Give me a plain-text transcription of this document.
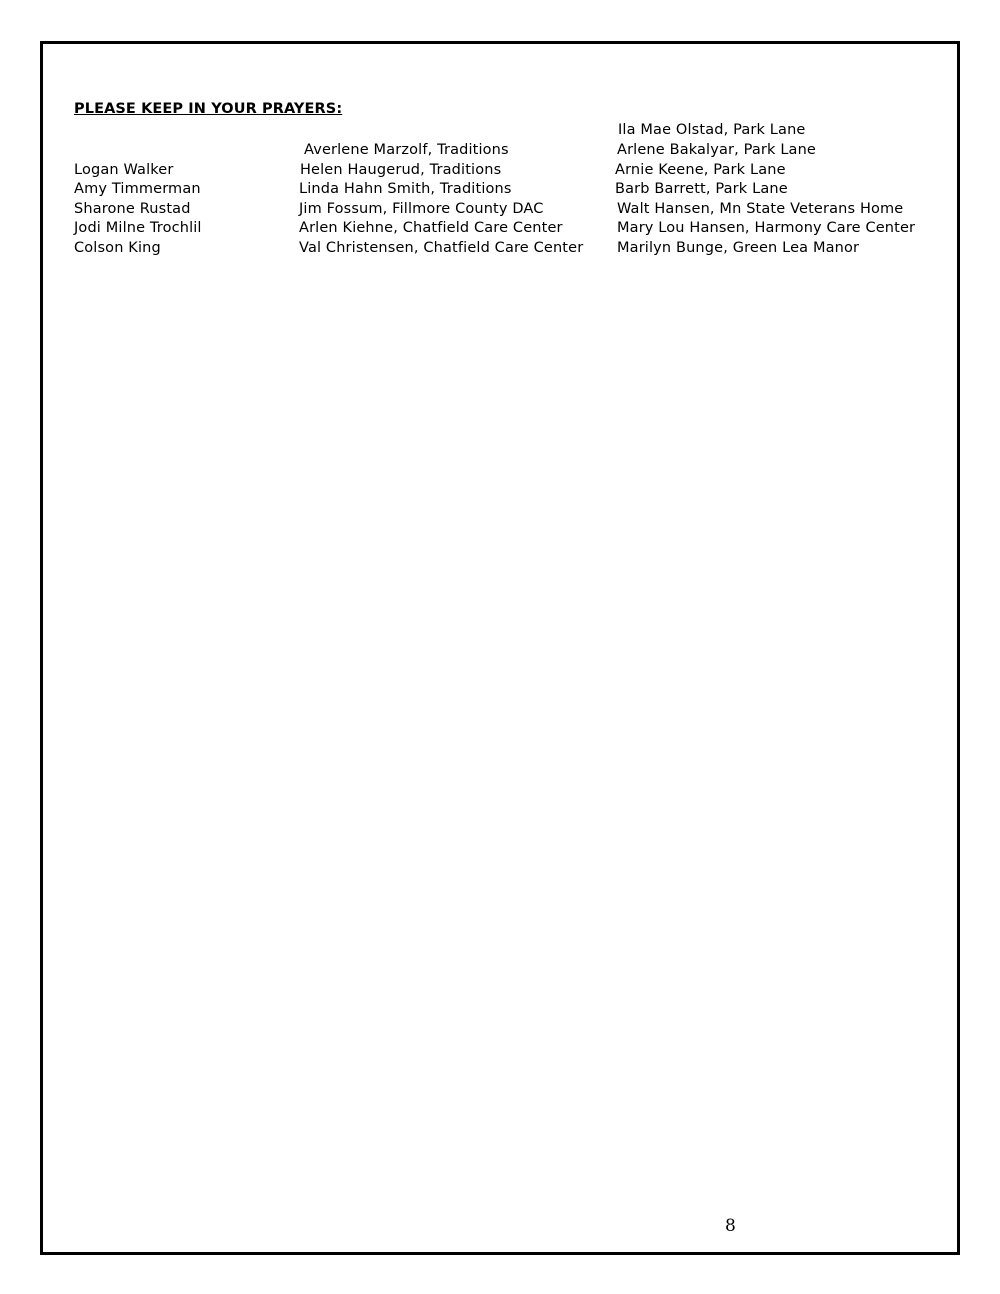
PLEASE KEEP IN YOUR PRAYERS:
Logan Walker
Amy Timmerman
Sharone Rustad
Jodi Milne Trochlil
Colson King
Averlene Marzolf, Traditions
Helen Haugerud, Traditions
Linda Hahn Smith, Traditions
Jim Fossum, Fillmore County DAC
Arlen Kiehne, Chatfield Care Center
Val Christensen, Chatfield Care Center
Ila Mae Olstad, Park Lane
Arlene Bakalyar, Park Lane
Arnie Keene, Park Lane
Barb Barrett, Park Lane
Walt Hansen, Mn State Veterans Home
Mary Lou Hansen, Harmony Care Center
Marilyn Bunge, Green Lea Manor
8
